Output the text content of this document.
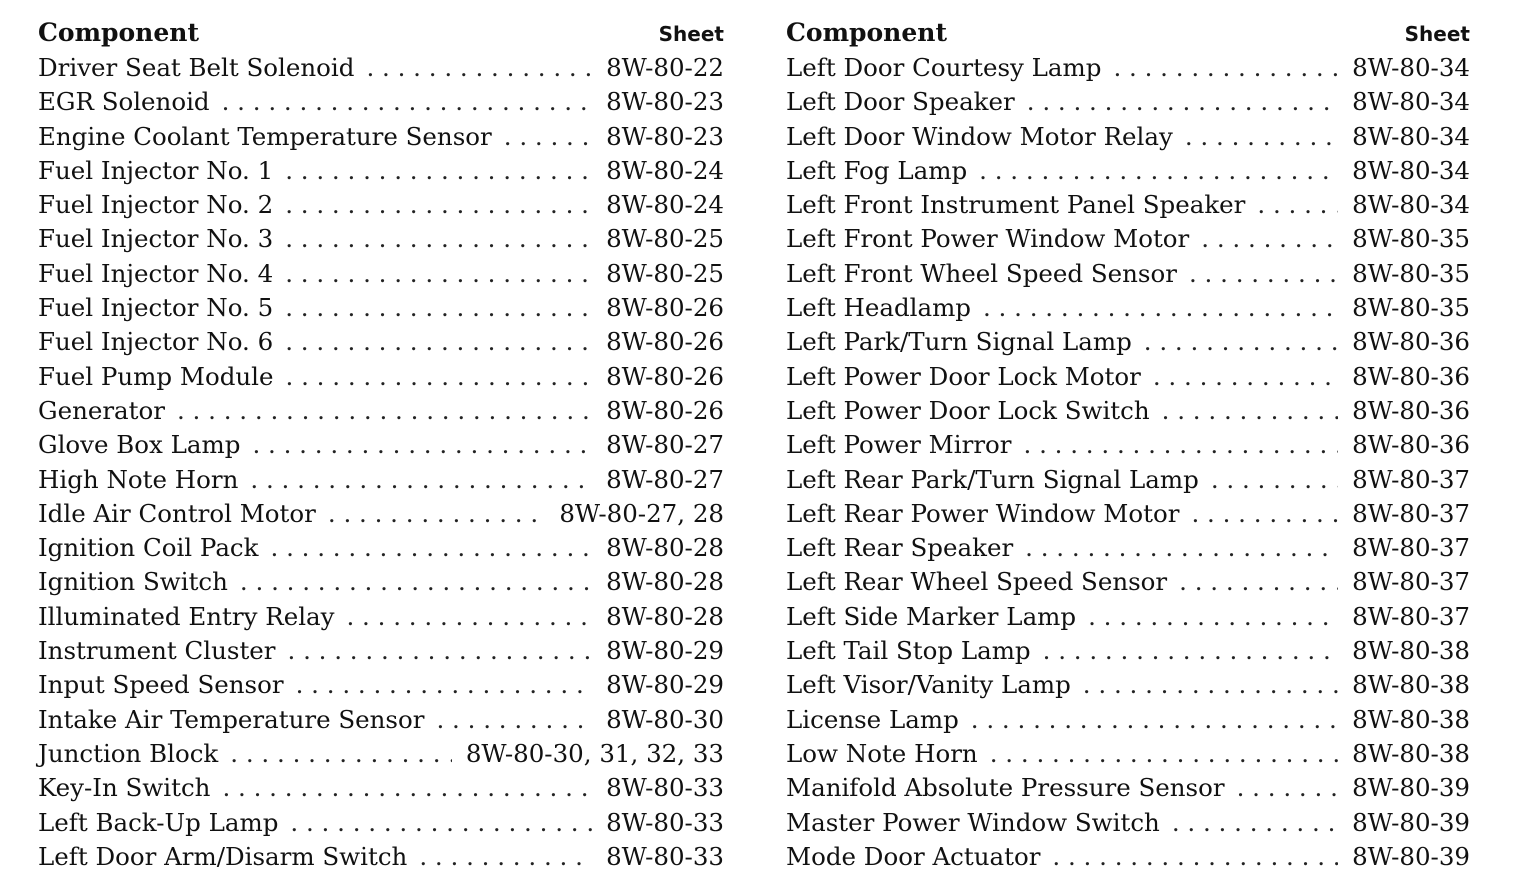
Component	Sheet
Driver Seat Belt Solenoid . . .	8W-80-22
EGR Solenoid . . .	8W-80-23
Engine Coolant Temperature Sensor . . .	8W-80-23
Fuel Injector No. 1 . . .	8W-80-24
Fuel Injector No. 2 . . .	8W-80-24
Fuel Injector No. 3 . . .	8W-80-25
Fuel Injector No. 4 . . .	8W-80-25
Fuel Injector No. 5 . . .	8W-80-26
Fuel Injector No. 6 . . .	8W-80-26
Fuel Pump Module . . .	8W-80-26
Generator . . .	8W-80-26
Glove Box Lamp . . .	8W-80-27
High Note Horn . . .	8W-80-27
Idle Air Control Motor . . .	8W-80-27, 28
Ignition Coil Pack . . .	8W-80-28
Ignition Switch . . .	8W-80-28
Illuminated Entry Relay . . .	8W-80-28
Instrument Cluster . . .	8W-80-29
Input Speed Sensor . . .	8W-80-29
Intake Air Temperature Sensor . . .	8W-80-30
Junction Block . . .	8W-80-30, 31, 32, 33
Key-In Switch . . .	8W-80-33
Left Back-Up Lamp . . .	8W-80-33
Left Door Arm/Disarm Switch . . .	8W-80-33
Component	Sheet
Left Door Courtesy Lamp . . .	8W-80-34
Left Door Speaker . . .	8W-80-34
Left Door Window Motor Relay . . .	8W-80-34
Left Fog Lamp . . .	8W-80-34
Left Front Instrument Panel Speaker . . .	8W-80-34
Left Front Power Window Motor . . .	8W-80-35
Left Front Wheel Speed Sensor . . .	8W-80-35
Left Headlamp . . .	8W-80-35
Left Park/Turn Signal Lamp . . .	8W-80-36
Left Power Door Lock Motor . . .	8W-80-36
Left Power Door Lock Switch . . .	8W-80-36
Left Power Mirror . . .	8W-80-36
Left Rear Park/Turn Signal Lamp . . .	8W-80-37
Left Rear Power Window Motor . . .	8W-80-37
Left Rear Speaker . . .	8W-80-37
Left Rear Wheel Speed Sensor . . .	8W-80-37
Left Side Marker Lamp . . .	8W-80-37
Left Tail Stop Lamp . . .	8W-80-38
Left Visor/Vanity Lamp . . .	8W-80-38
License Lamp . . .	8W-80-38
Low Note Horn . . .	8W-80-38
Manifold Absolute Pressure Sensor . . .	8W-80-39
Master Power Window Switch . . .	8W-80-39
Mode Door Actuator . . .	8W-80-39
